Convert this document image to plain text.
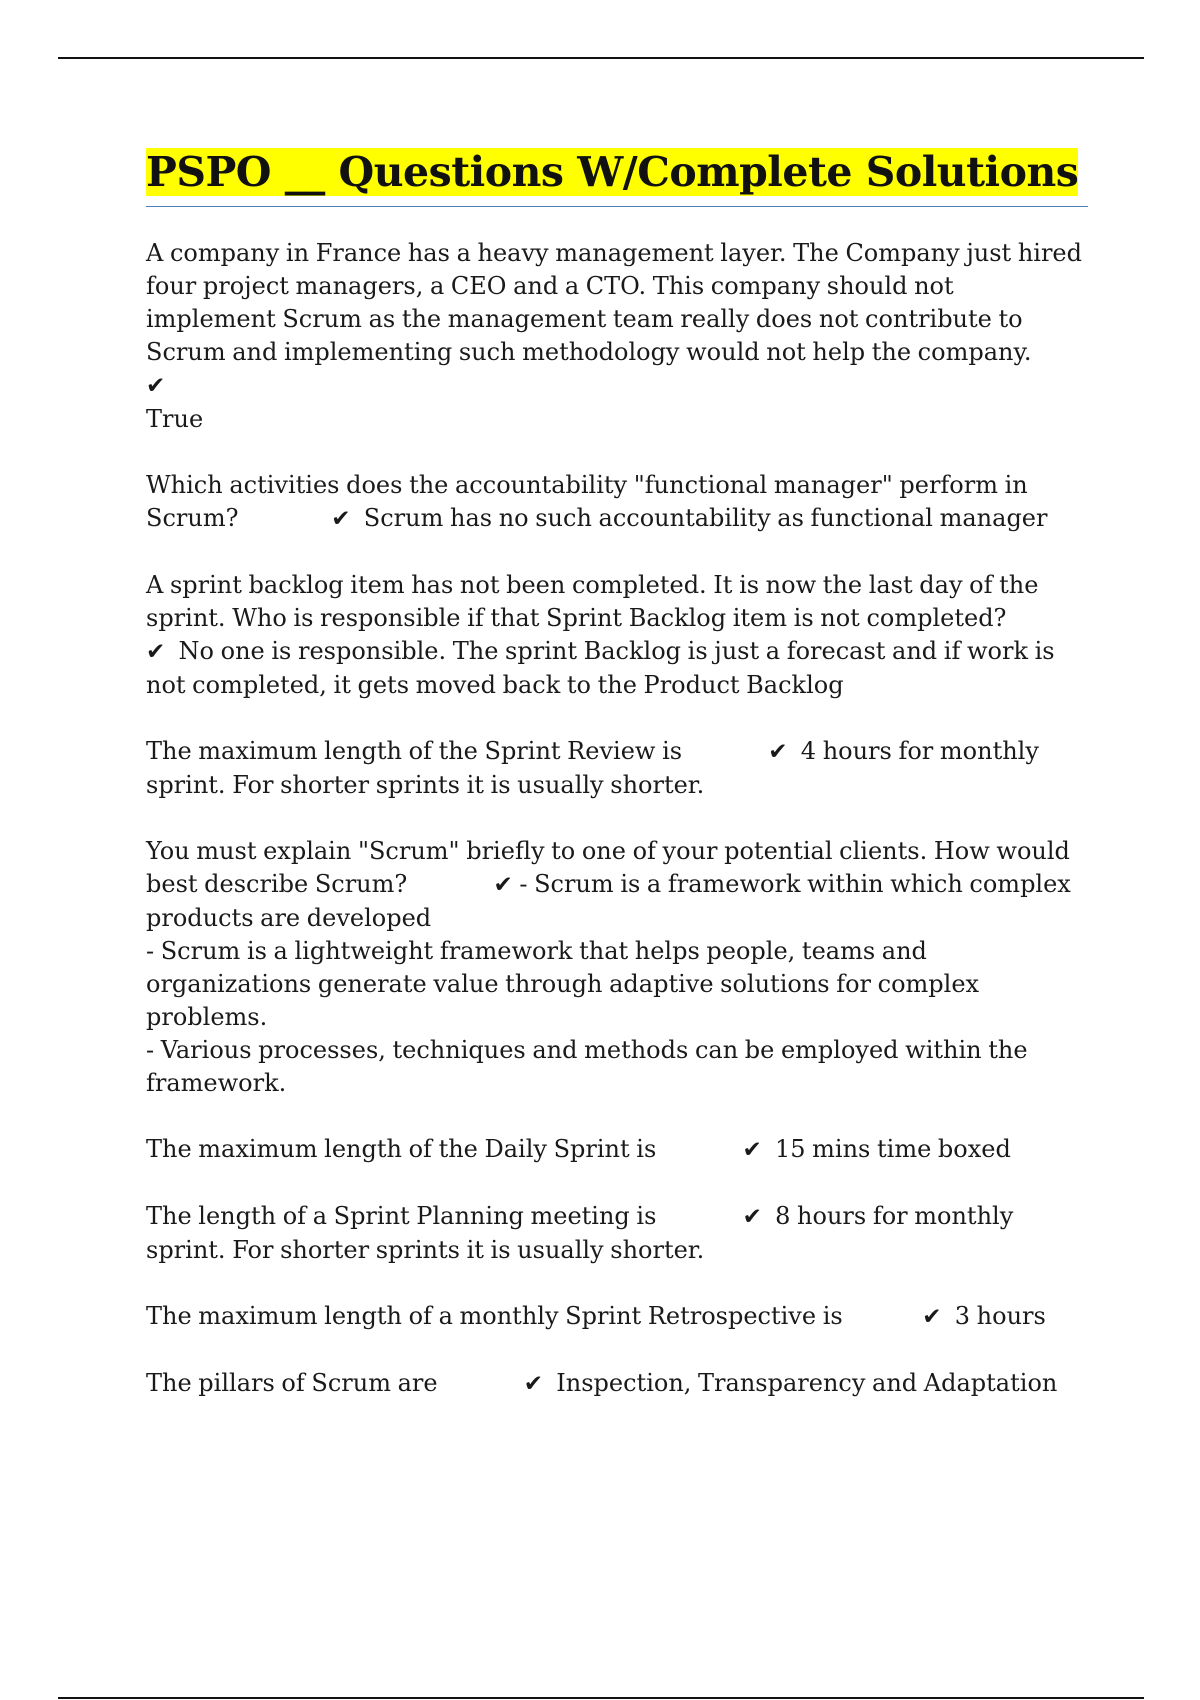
PSPO __ Questions W/Complete Solutions

A company in France has a heavy management layer. The Company just hired four project managers, a CEO and a CTO. This company should not implement Scrum as the management team really does not contribute to Scrum and implementing such methodology would not help the company.            ✔
True

Which activities does the accountability "functional manager" perform in Scrum?	✔ Scrum has no such accountability as functional manager

A sprint backlog item has not been completed. It is now the last day of the sprint. Who is responsible if that Sprint Backlog item is not completed?
✔ No one is responsible. The sprint Backlog is just a forecast and if work is not completed, it gets moved back to the Product Backlog

The maximum length of the Sprint Review is	✔ 4 hours for monthly sprint. For shorter sprints it is usually shorter.

You must explain "Scrum" briefly to one of your potential clients. How would best describe Scrum?	✔ - Scrum is a framework within which complex products are developed
- Scrum is a lightweight framework that helps people, teams and organizations generate value through adaptive solutions for complex problems.
- Various processes, techniques and methods can be employed within the framework.

The maximum length of the Daily Sprint is	✔ 15 mins time boxed

The length of a Sprint Planning meeting is	✔ 8 hours for monthly sprint. For shorter sprints it is usually shorter.

The maximum length of a monthly Sprint Retrospective is	✔ 3 hours

The pillars of Scrum are	✔ Inspection, Transparency and Adaptation
